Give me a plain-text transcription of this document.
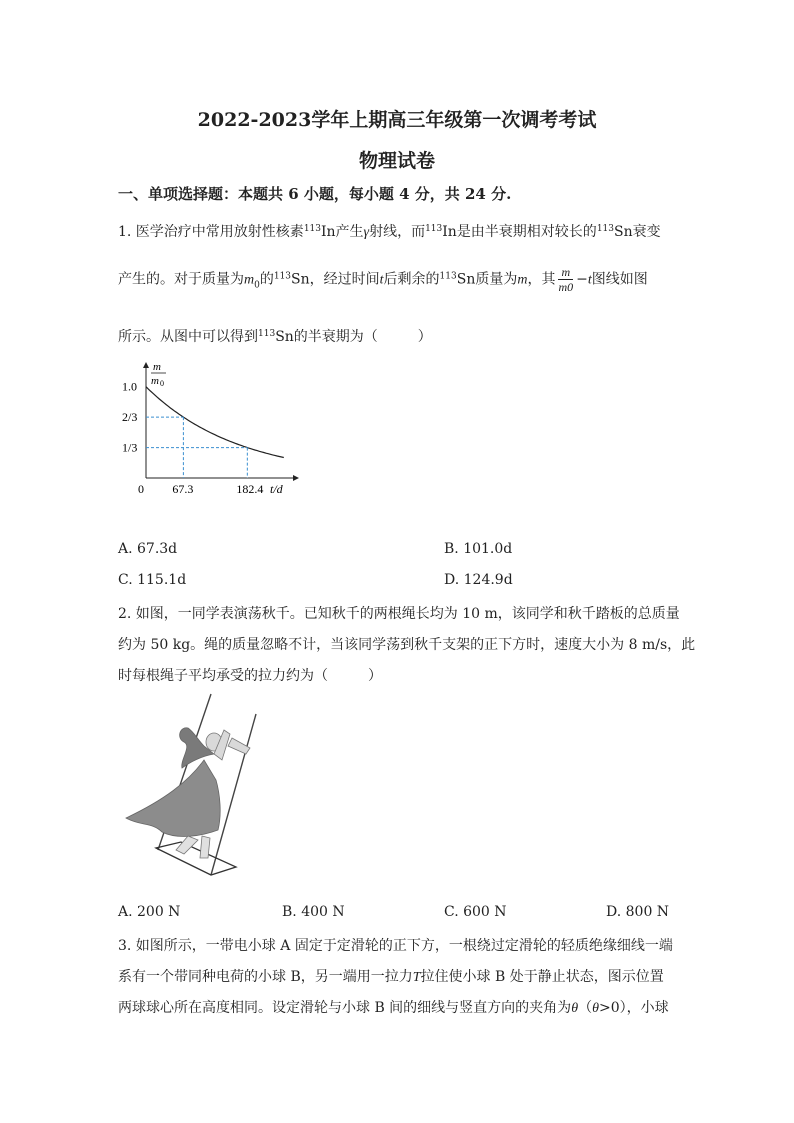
2022-2023学年上期高三年级第一次调考考试
物理试卷
一、单项选择题：本题共 6 小题，每小题 4 分，共 24 分.
1. 医学治疗中常用放射性核素$^{113}$In产生γ射线，而$^{113}$In是由半衰期相对较长的$^{113}$Sn衰变
产生的。对于质量为$m_0$的$^{113}$Sn，经过时间t后剩余的$^{113}$Sn质量为m，其 $\frac{m}{m0} -t$图线如图
所示。从图中可以得到$^{113}$Sn的半衰期为（	）
1.0
2/3
1/3
0 67.3	182.4
m
m 0
t/d
A. 67.3d	B. 101.0d
C. 115.1d	D. 124.9d
2. 如图，一同学表演荡秋千。已知秋千的两根绳长均为 10 m，该同学和秋千踏板的总质量
约为 50 kg。绳的质量忽略不计，当该同学荡到秋千支架的正下方时，速度大小为 8 m/s，此
时每根绳子平均承受的拉力约为（	）
A. 200 N	B. 400 N	C. 600 N	D. 800 N
3. 如图所示，一带电小球 A 固定于定滑轮的正下方，一根绕过定滑轮的轻质绝缘细线一端
系有一个带同种电荷的小球 B，另一端用一拉力T拉住使小球 B 处于静止状态，图示位置
两球球心所在高度相同。设定滑轮与小球 B 间的细线与竖直方向的夹角为θ（θ>0），小球
